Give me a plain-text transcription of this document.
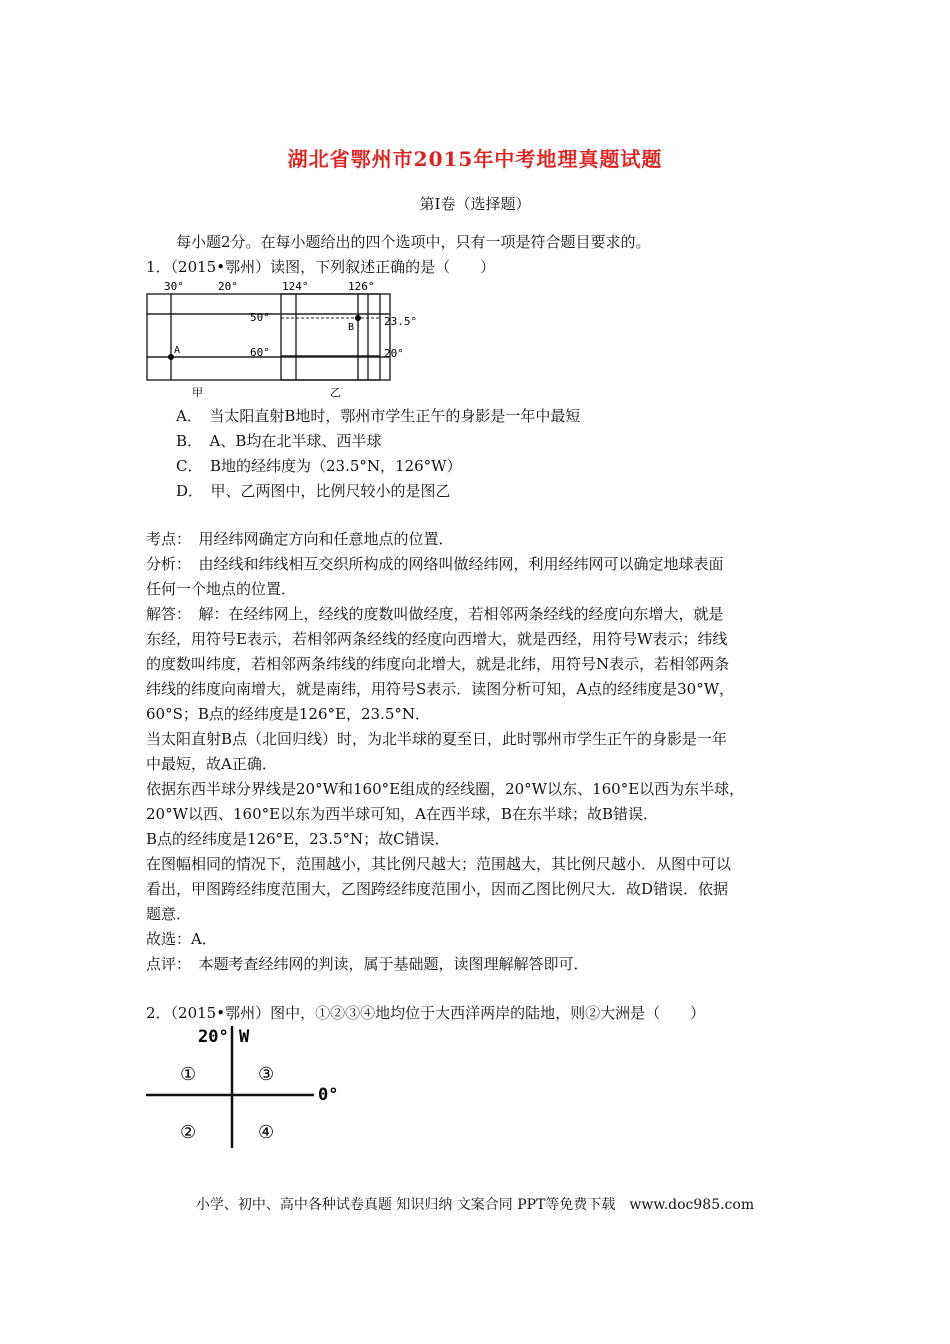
湖北省鄂州市2015年中考地理真题试题
第Ⅰ卷（选择题）
每小题2分。在每小题给出的四个选项中，只有一项是符合题目要求的。
1．（2015•鄂州）读图，下列叙述正确的是（　　）
A
30°	20°
50°
60°
甲
B
124°	126°
23.5°
20°
乙
A．　当太阳直射B地时，鄂州市学生正午的身影是一年中最短
B．　A、B均在北半球、西半球
C．　B地的经纬度为（23.5°N，126°W）
D．　甲、乙两图中，比例尺较小的是图乙
考点：　用经纬网确定方向和任意地点的位置．
分析：　由经线和纬线相互交织所构成的网络叫做经纬网，利用经纬网可以确定地球表面
任何一个地点的位置．
解答：　解：在经纬网上，经线的度数叫做经度，若相邻两条经线的经度向东增大，就是
东经，用符号E表示，若相邻两条经线的经度向西增大，就是西经，用符号W表示；纬线
的度数叫纬度，若相邻两条纬线的纬度向北增大，就是北纬，用符号N表示，若相邻两条
纬线的纬度向南增大，就是南纬，用符号S表示．读图分析可知，A点的经纬度是30°W，
60°S；B点的经纬度是126°E，23.5°N．
当太阳直射B点（北回归线）时，为北半球的夏至日，此时鄂州市学生正午的身影是一年
中最短，故A正确．
依据东西半球分界线是20°W和160°E组成的经线圈，20°W以东、160°E以西为东半球，
20°W以西、160°E以东为西半球可知，A在西半球，B在东半球；故B错误．
B点的经纬度是126°E，23.5°N；故C错误．
在图幅相同的情况下，范围越小，其比例尺越大；范围越大，其比例尺越小．从图中可以
看出，甲图跨经纬度范围大，乙图跨经纬度范围小，因而乙图比例尺大．故D错误．依据
题意．
故选：A．
点评：　本题考查经纬网的判读，属于基础题，读图理解解答即可．
2．（2015•鄂州）图中，①②③④地均位于大西洋两岸的陆地，则②大洲是（　　）
20° W
0°
①	③
②	④
小学、初中、高中各种试卷真题 知识归纳 文案合同 PPT等免费下载　www.doc985.com
